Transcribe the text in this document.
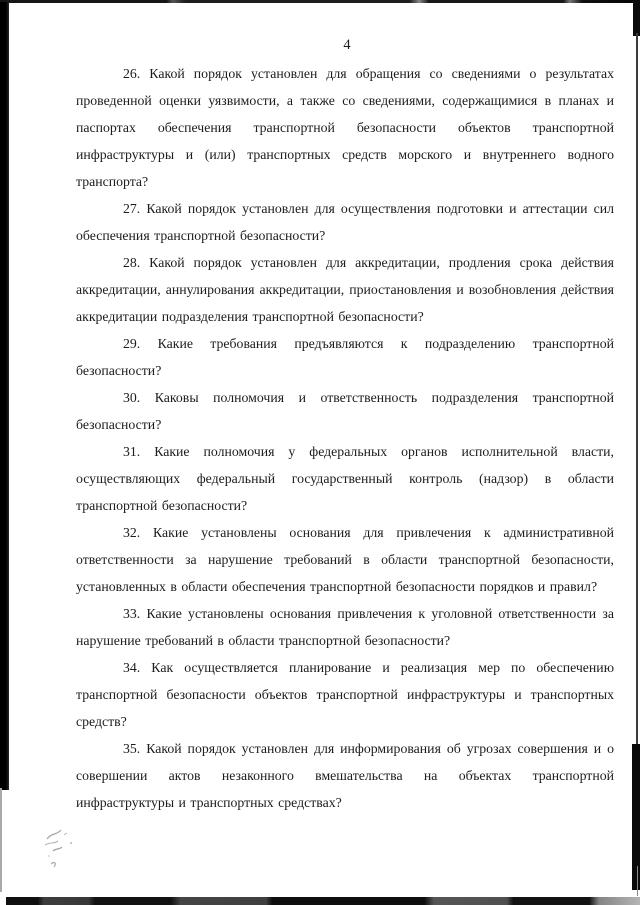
4

26. Какой порядок установлен для обращения со сведениями о результатах проведенной оценки уязвимости, а также со сведениями, содержащимися в планах и паспортах обеспечения транспортной безопасности объектов транспортной инфраструктуры и (или) транспортных средств морского и внутреннего водного транспорта?

27. Какой порядок установлен для осуществления подготовки и аттестации сил обеспечения транспортной безопасности?

28. Какой порядок установлен для аккредитации, продления срока действия аккредитации, аннулирования аккредитации, приостановления и возобновления действия аккредитации подразделения транспортной безопасности?

29. Какие требования предъявляются к подразделению транспортной безопасности?

30. Каковы полномочия и ответственность подразделения транспортной безопасности?

31. Какие полномочия у федеральных органов исполнительной власти, осуществляющих федеральный государственный контроль (надзор) в области транспортной безопасности?

32. Какие установлены основания для привлечения к административной ответственности за нарушение требований в области транспортной безопасности, установленных в области обеспечения транспортной безопасности порядков и правил?

33. Какие установлены основания привлечения к уголовной ответственности за нарушение требований в области транспортной безопасности?

34. Как осуществляется планирование и реализация мер по обеспечению транспортной безопасности объектов транспортной инфраструктуры и транспортных средств?

35. Какой порядок установлен для информирования об угрозах совершения и о совершении актов незаконного вмешательства на объектах транспортной инфраструктуры и транспортных средствах?
